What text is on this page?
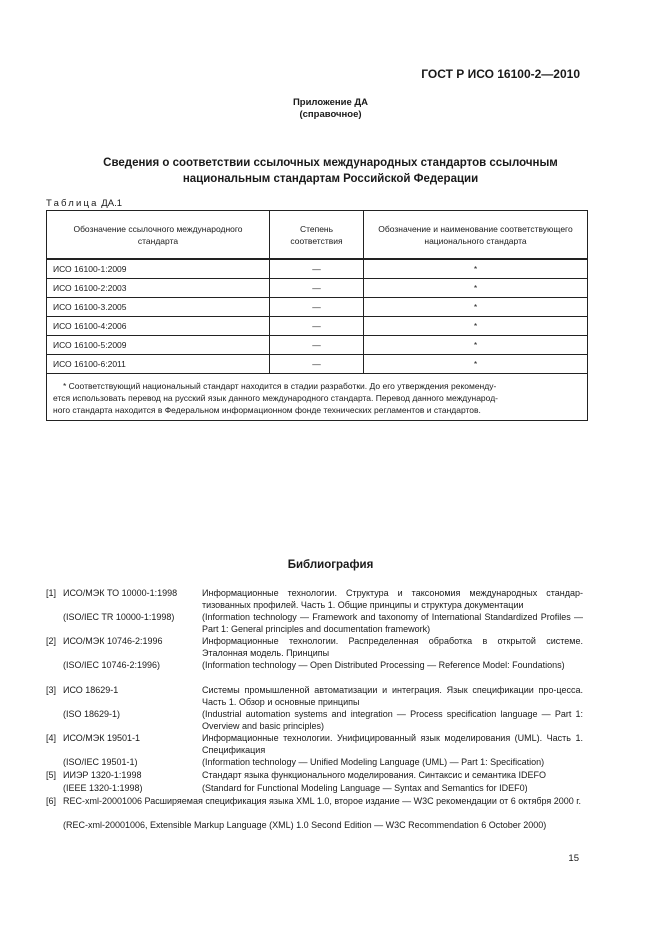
ГОСТ Р ИСО 16100-2—2010
Приложение ДА
(справочное)
Сведения о соответствии ссылочных международных стандартов ссылочным
национальным стандартам Российской Федерации
Таблица ДА.1
Обозначение ссылочного международного стандарта	Степень соответствия	Обозначение и наименование соответствующего национального стандарта
ИСО 16100-1:2009	—	*
ИСО 16100-2:2003	—	*
ИСО 16100-3.2005	—	*
ИСО 16100-4:2006	—	*
ИСО 16100-5:2009	—	*
ИСО 16100-6:2011	—	*

* Соответствующий национальный стандарт находится в стадии разработки. До его утверждения рекоменду-
ется использовать перевод на русский язык данного международного стандарта. Перевод данного международ-
ного стандарта находится в Федеральном информационном фонде технических регламентов и стандартов.		
Библиография
[1] ИСО/МЭК ТО 10000-1:1998	Информационные технологии. Структура и таксономия международных стандар-тизованных профилей. Часть 1. Общие принципы и структура документации
(ISO/IEC TR 10000-1:1998)	(Information technology — Framework and taxonomy of International Standardized Profiles — Part 1: General principles and documentation framework)
[2] ИСО/МЭК 10746-2:1996	Информационные технологии. Распределенная обработка в открытой системе. Эталонная модель. Принципы
(ISO/IEC 10746-2:1996)	(Information technology — Open Distributed Processing — Reference Model: Foundations)
[3] ИСО 18629-1	Системы промышленной автоматизации и интеграция. Язык спецификации про-цесса. Часть 1. Обзор и основные принципы
(ISO 18629-1)	(Industrial automation systems and integration — Process specification language — Part 1: Overview and basic principles)
[4] ИСО/МЭК 19501-1	Информационные технологии. Унифицированный язык моделирования (UML). Часть 1. Спецификация
(ISO/IEC 19501-1)	(Information technology — Unified Modeling Language (UML) — Part 1: Specification)
[5] ИИЭР 1320-1:1998	Стандарт языка функционального моделирования. Синтаксис и семантика IDEFO
(IEEE 1320-1:1998)	(Standard for Functional Modeling Language — Syntax and Semantics for IDEF0)
[6] REC-xml-20001006 Расширяемая спецификация языка XML 1.0, второе издание — W3C рекомендации от 6 октября 2000 г.
(REC-xml-20001006, Extensible Markup Language (XML) 1.0 Second Edition — W3C Recommendation 6 October 2000)
15
